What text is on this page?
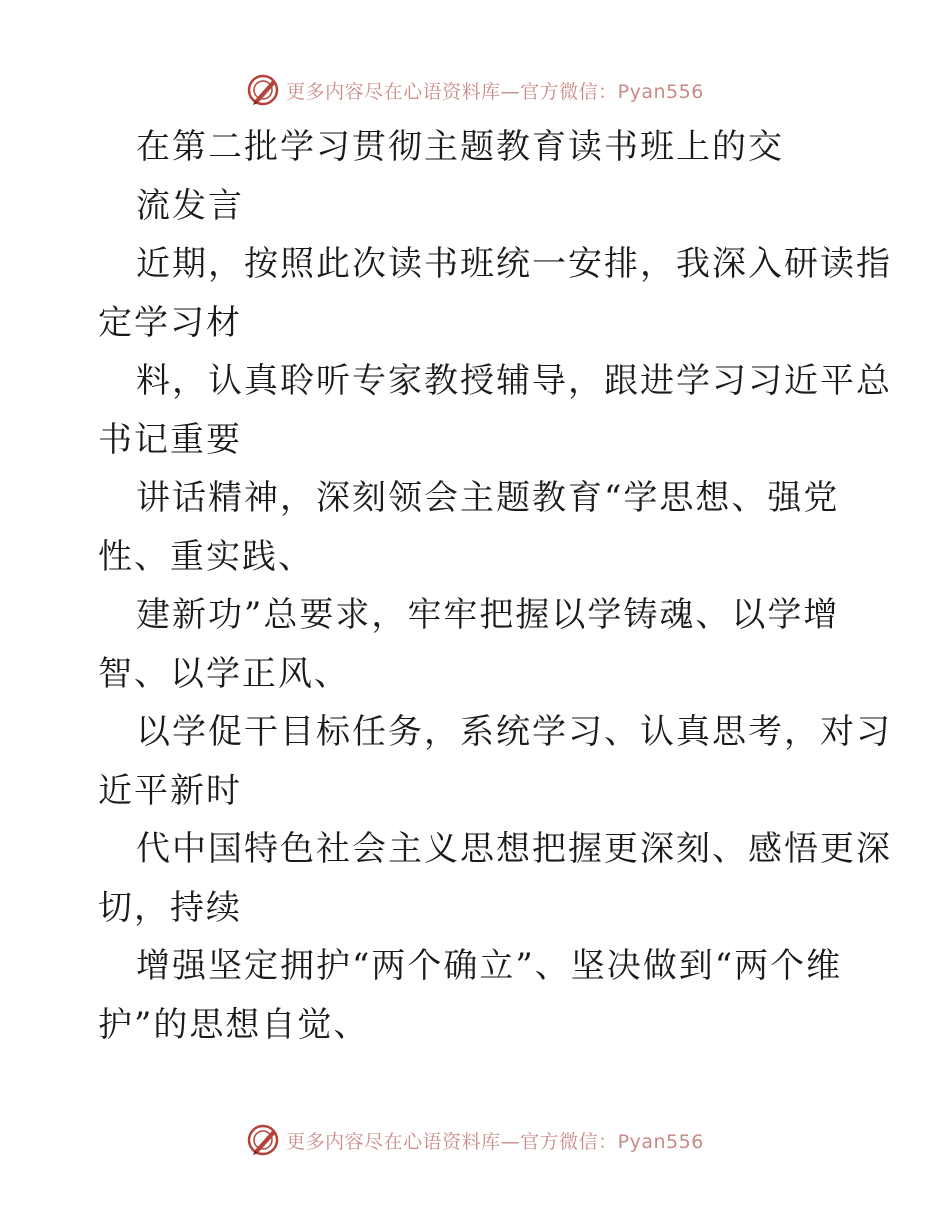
更多内容尽在心语资料库—官方微信：Pyan556
在第二批学习贯彻主题教育读书班上的交
流发言
近期，按照此次读书班统一安排，我深入研读指
定学习材
料，认真聆听专家教授辅导，跟进学习习近平总
书记重要
讲话精神，深刻领会主题教育“学思想、强党
性、重实践、
建新功”总要求，牢牢把握以学铸魂、以学增
智、以学正风、
以学促干目标任务，系统学习、认真思考，对习
近平新时
代中国特色社会主义思想把握更深刻、感悟更深
切，持续
增强坚定拥护“两个确立”、坚决做到“两个维
护”的思想自觉、
更多内容尽在心语资料库—官方微信：Pyan556
